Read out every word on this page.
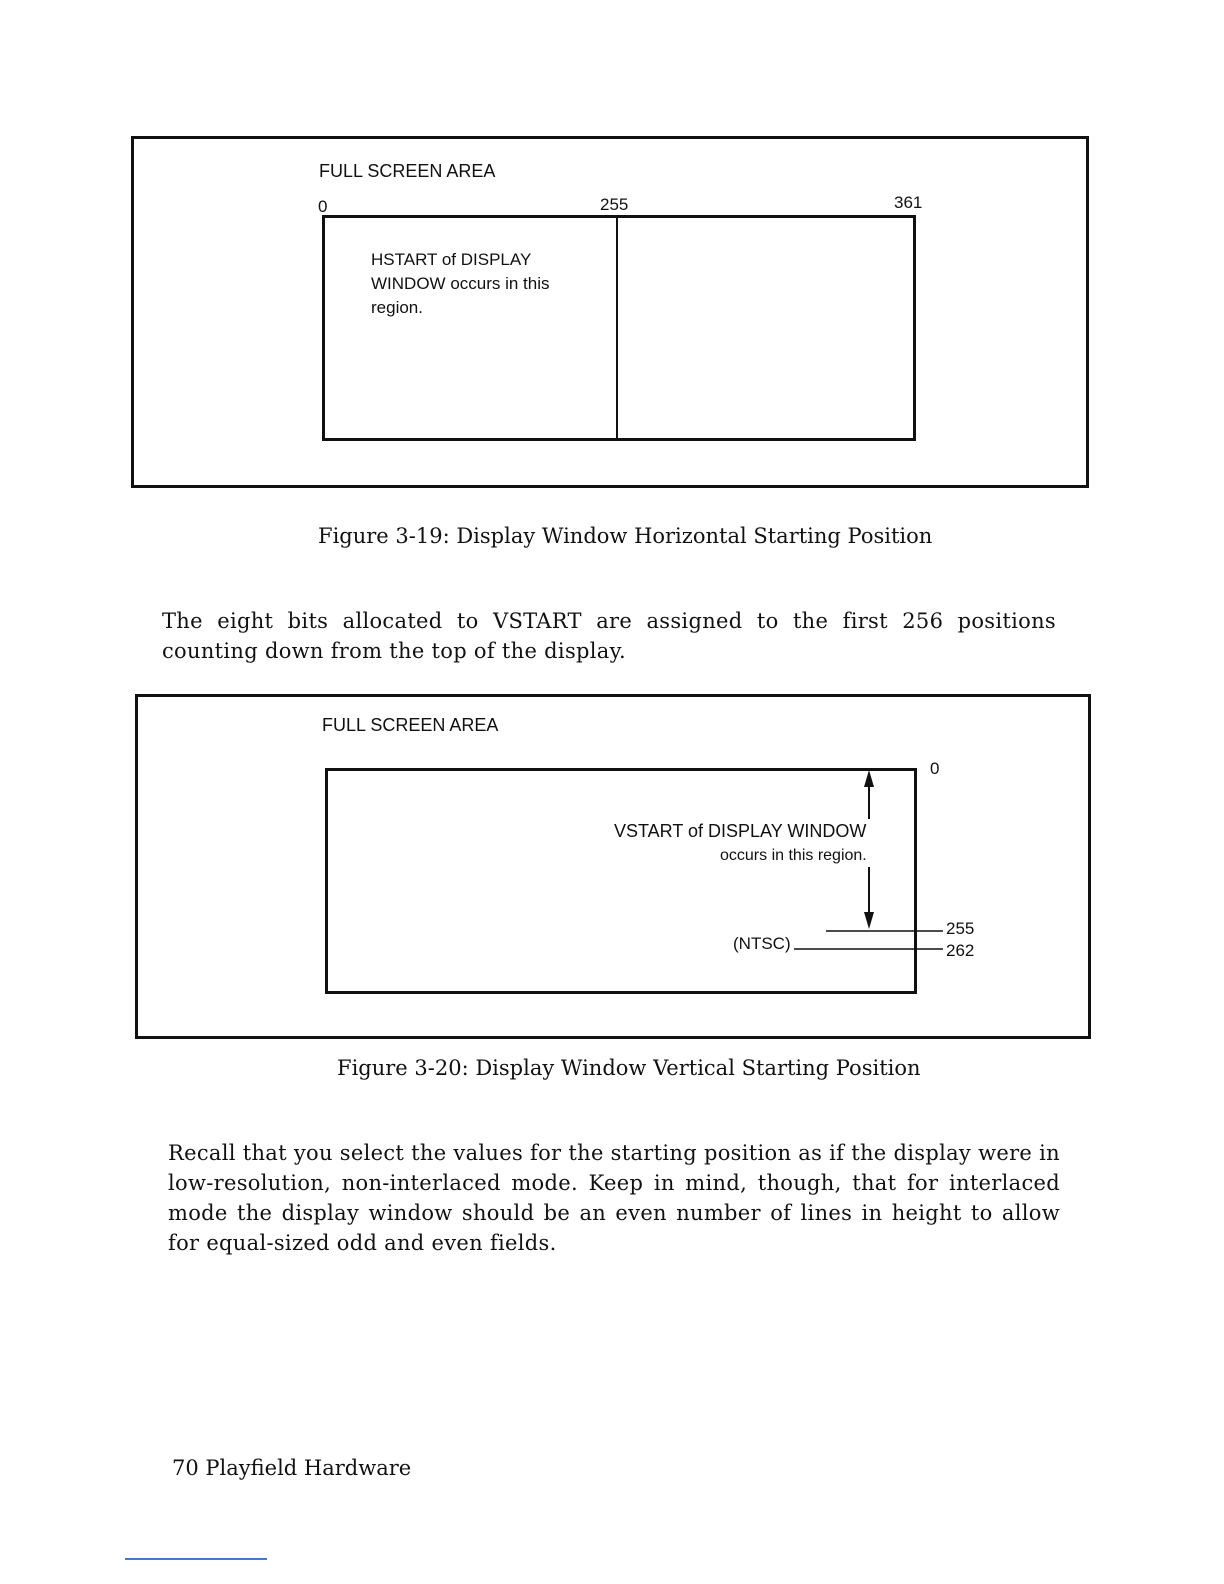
FULL SCREEN AREA
0	255	361
HSTART of DISPLAY WINDOW occurs in this region.
Figure 3-19: Display Window Horizontal Starting Position

The eight bits allocated to VSTART are assigned to the first 256 positions counting down from the top of the display.

FULL SCREEN AREA
0
VSTART of DISPLAY WINDOW
occurs in this region.
(NTSC)
255
262
Figure 3-20: Display Window Vertical Starting Position

Recall that you select the values for the starting position as if the display were in low-resolution, non-interlaced mode. Keep in mind, though, that for interlaced mode the display window should be an even number of lines in height to allow for equal-sized odd and even fields.

70 Playfield Hardware
